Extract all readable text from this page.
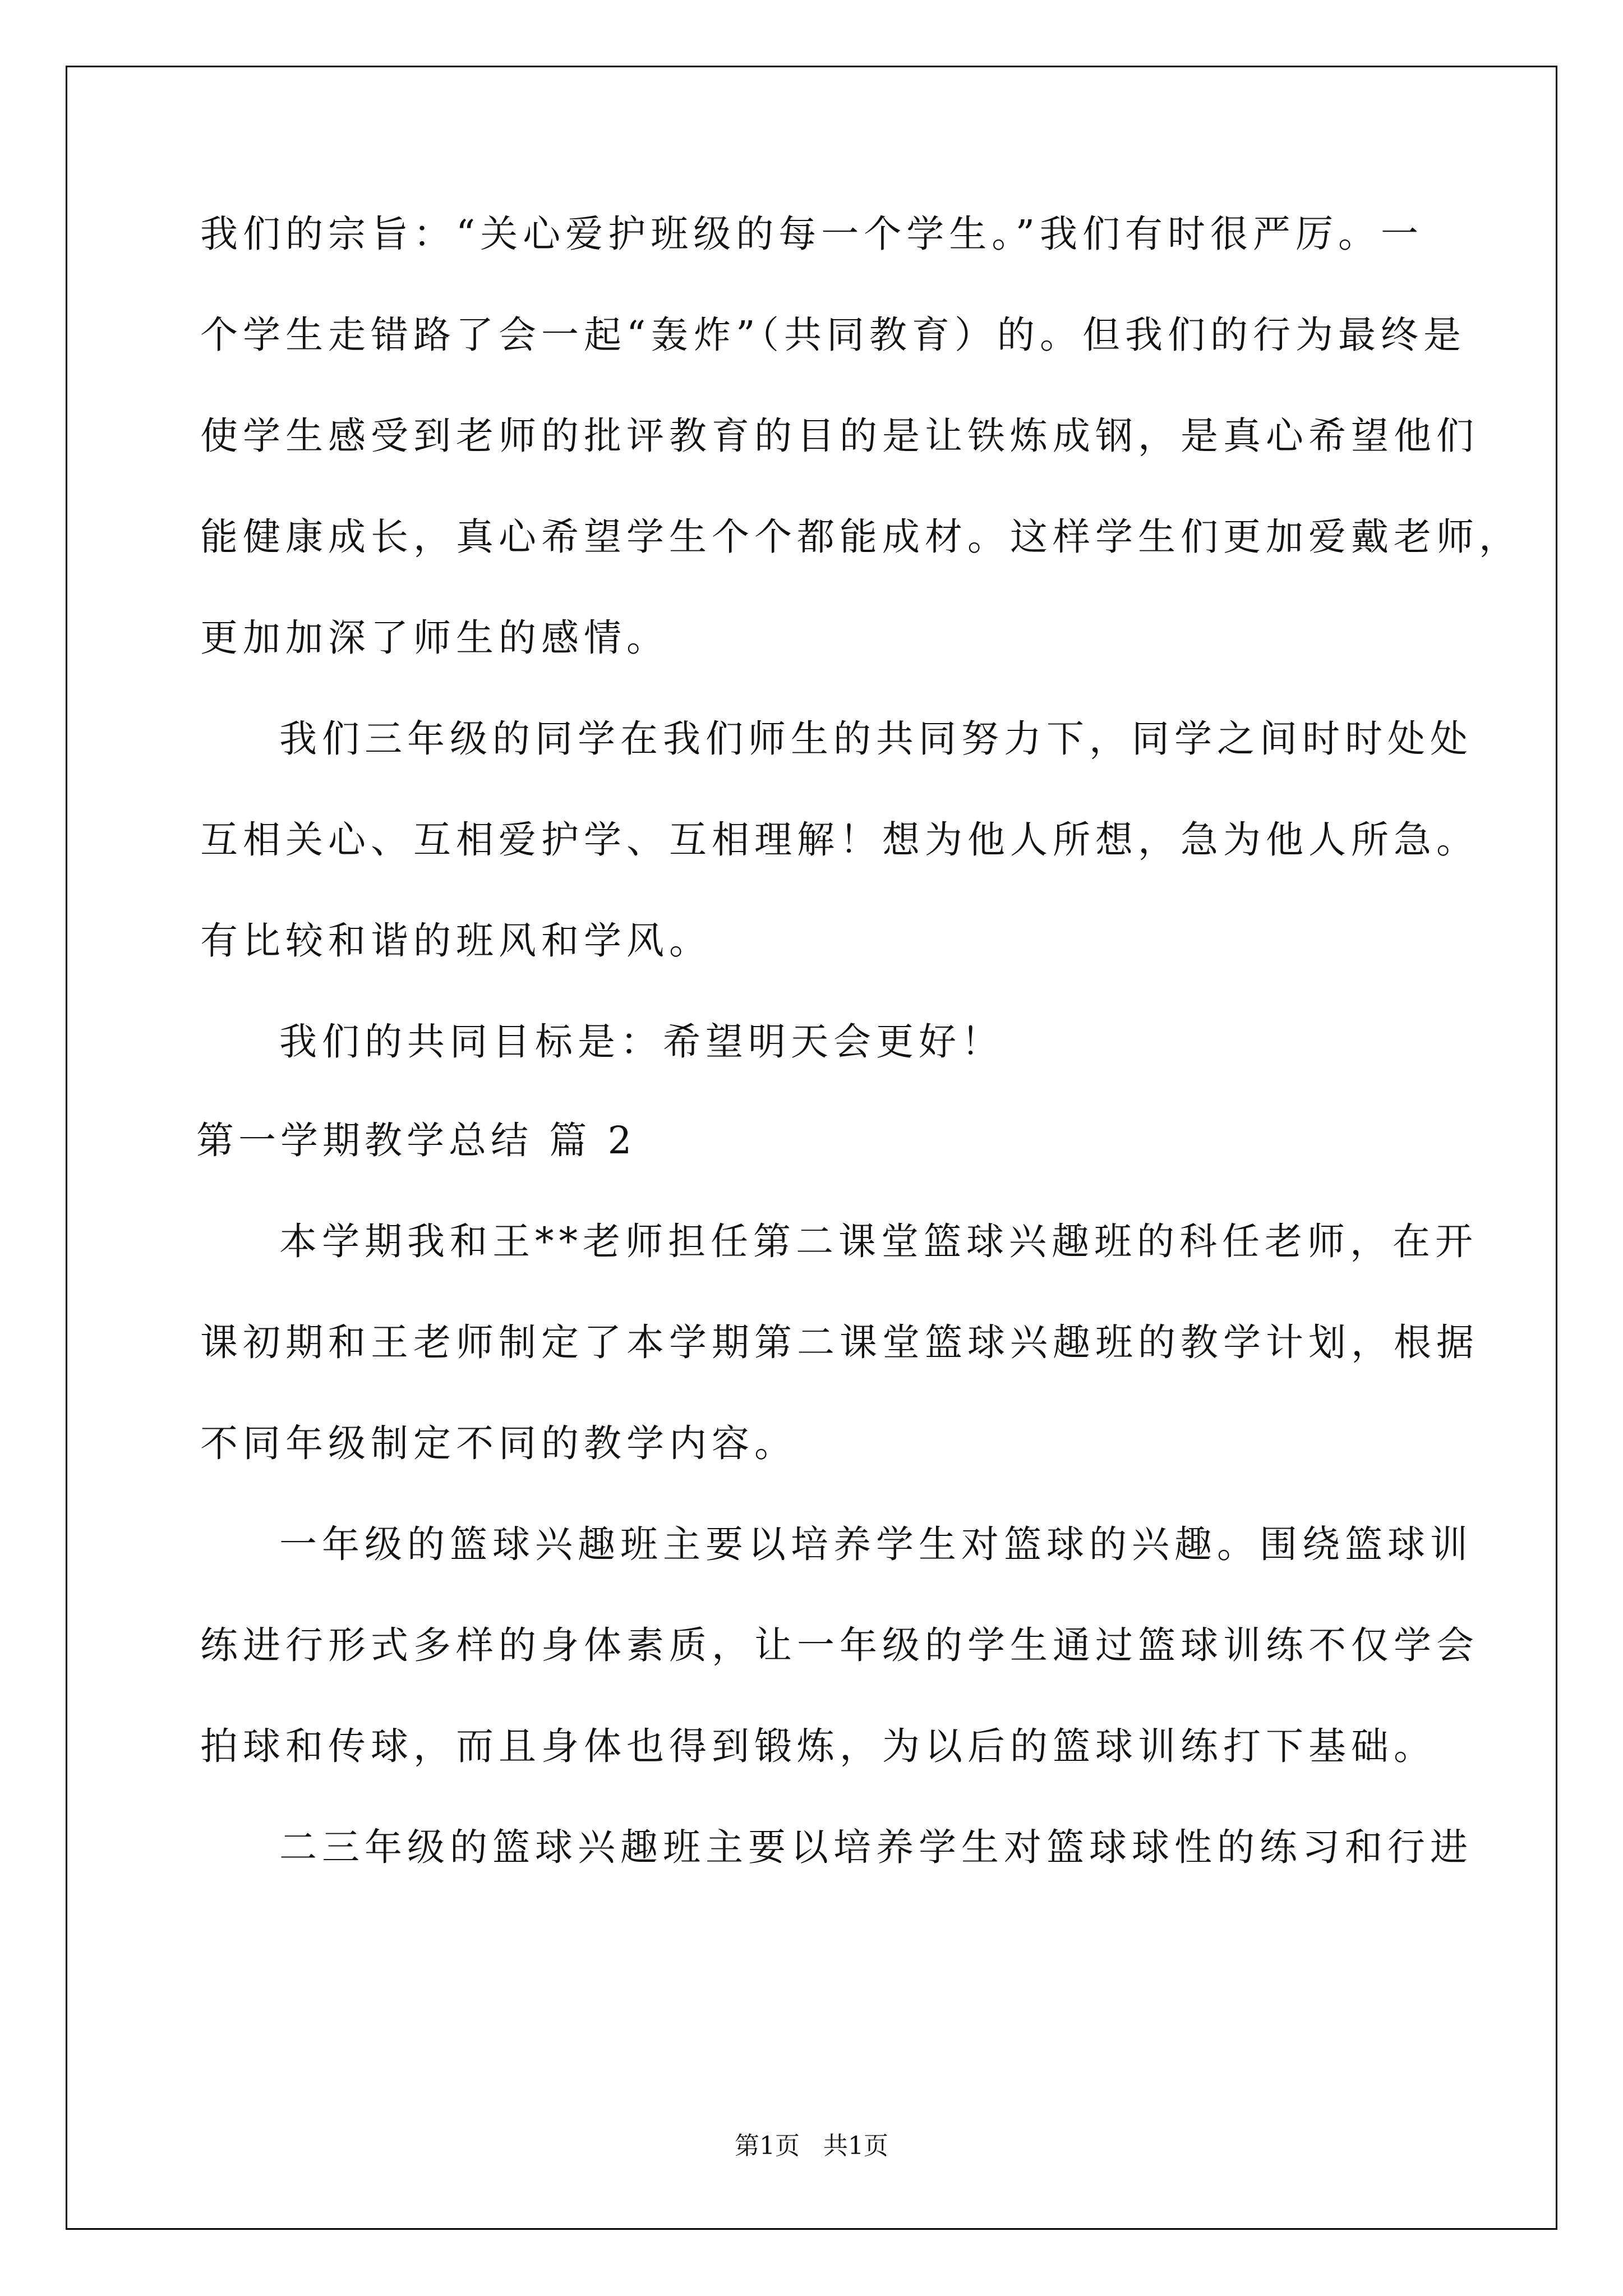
我们的宗旨：“关心爱护班级的每一个学生。”我们有时很严厉。一

个学生走错路了会一起“轰炸”（共同教育）的。但我们的行为最终是

使学生感受到老师的批评教育的目的是让铁炼成钢，是真心希望他们

能健康成长，真心希望学生个个都能成材。这样学生们更加爱戴老师，

更加加深了师生的感情。

我们三年级的同学在我们师生的共同努力下，同学之间时时处处

互相关心、互相爱护学、互相理解！想为他人所想，急为他人所急。

有比较和谐的班风和学风。

我们的共同目标是：希望明天会更好！

第一学期教学总结 篇 2

本学期我和王**老师担任第二课堂篮球兴趣班的科任老师，在开

课初期和王老师制定了本学期第二课堂篮球兴趣班的教学计划，根据

不同年级制定不同的教学内容。

一年级的篮球兴趣班主要以培养学生对篮球的兴趣。围绕篮球训

练进行形式多样的身体素质，让一年级的学生通过篮球训练不仅学会

拍球和传球，而且身体也得到锻炼，为以后的篮球训练打下基础。

二三年级的篮球兴趣班主要以培养学生对篮球球性的练习和行进

第1页   共1页
